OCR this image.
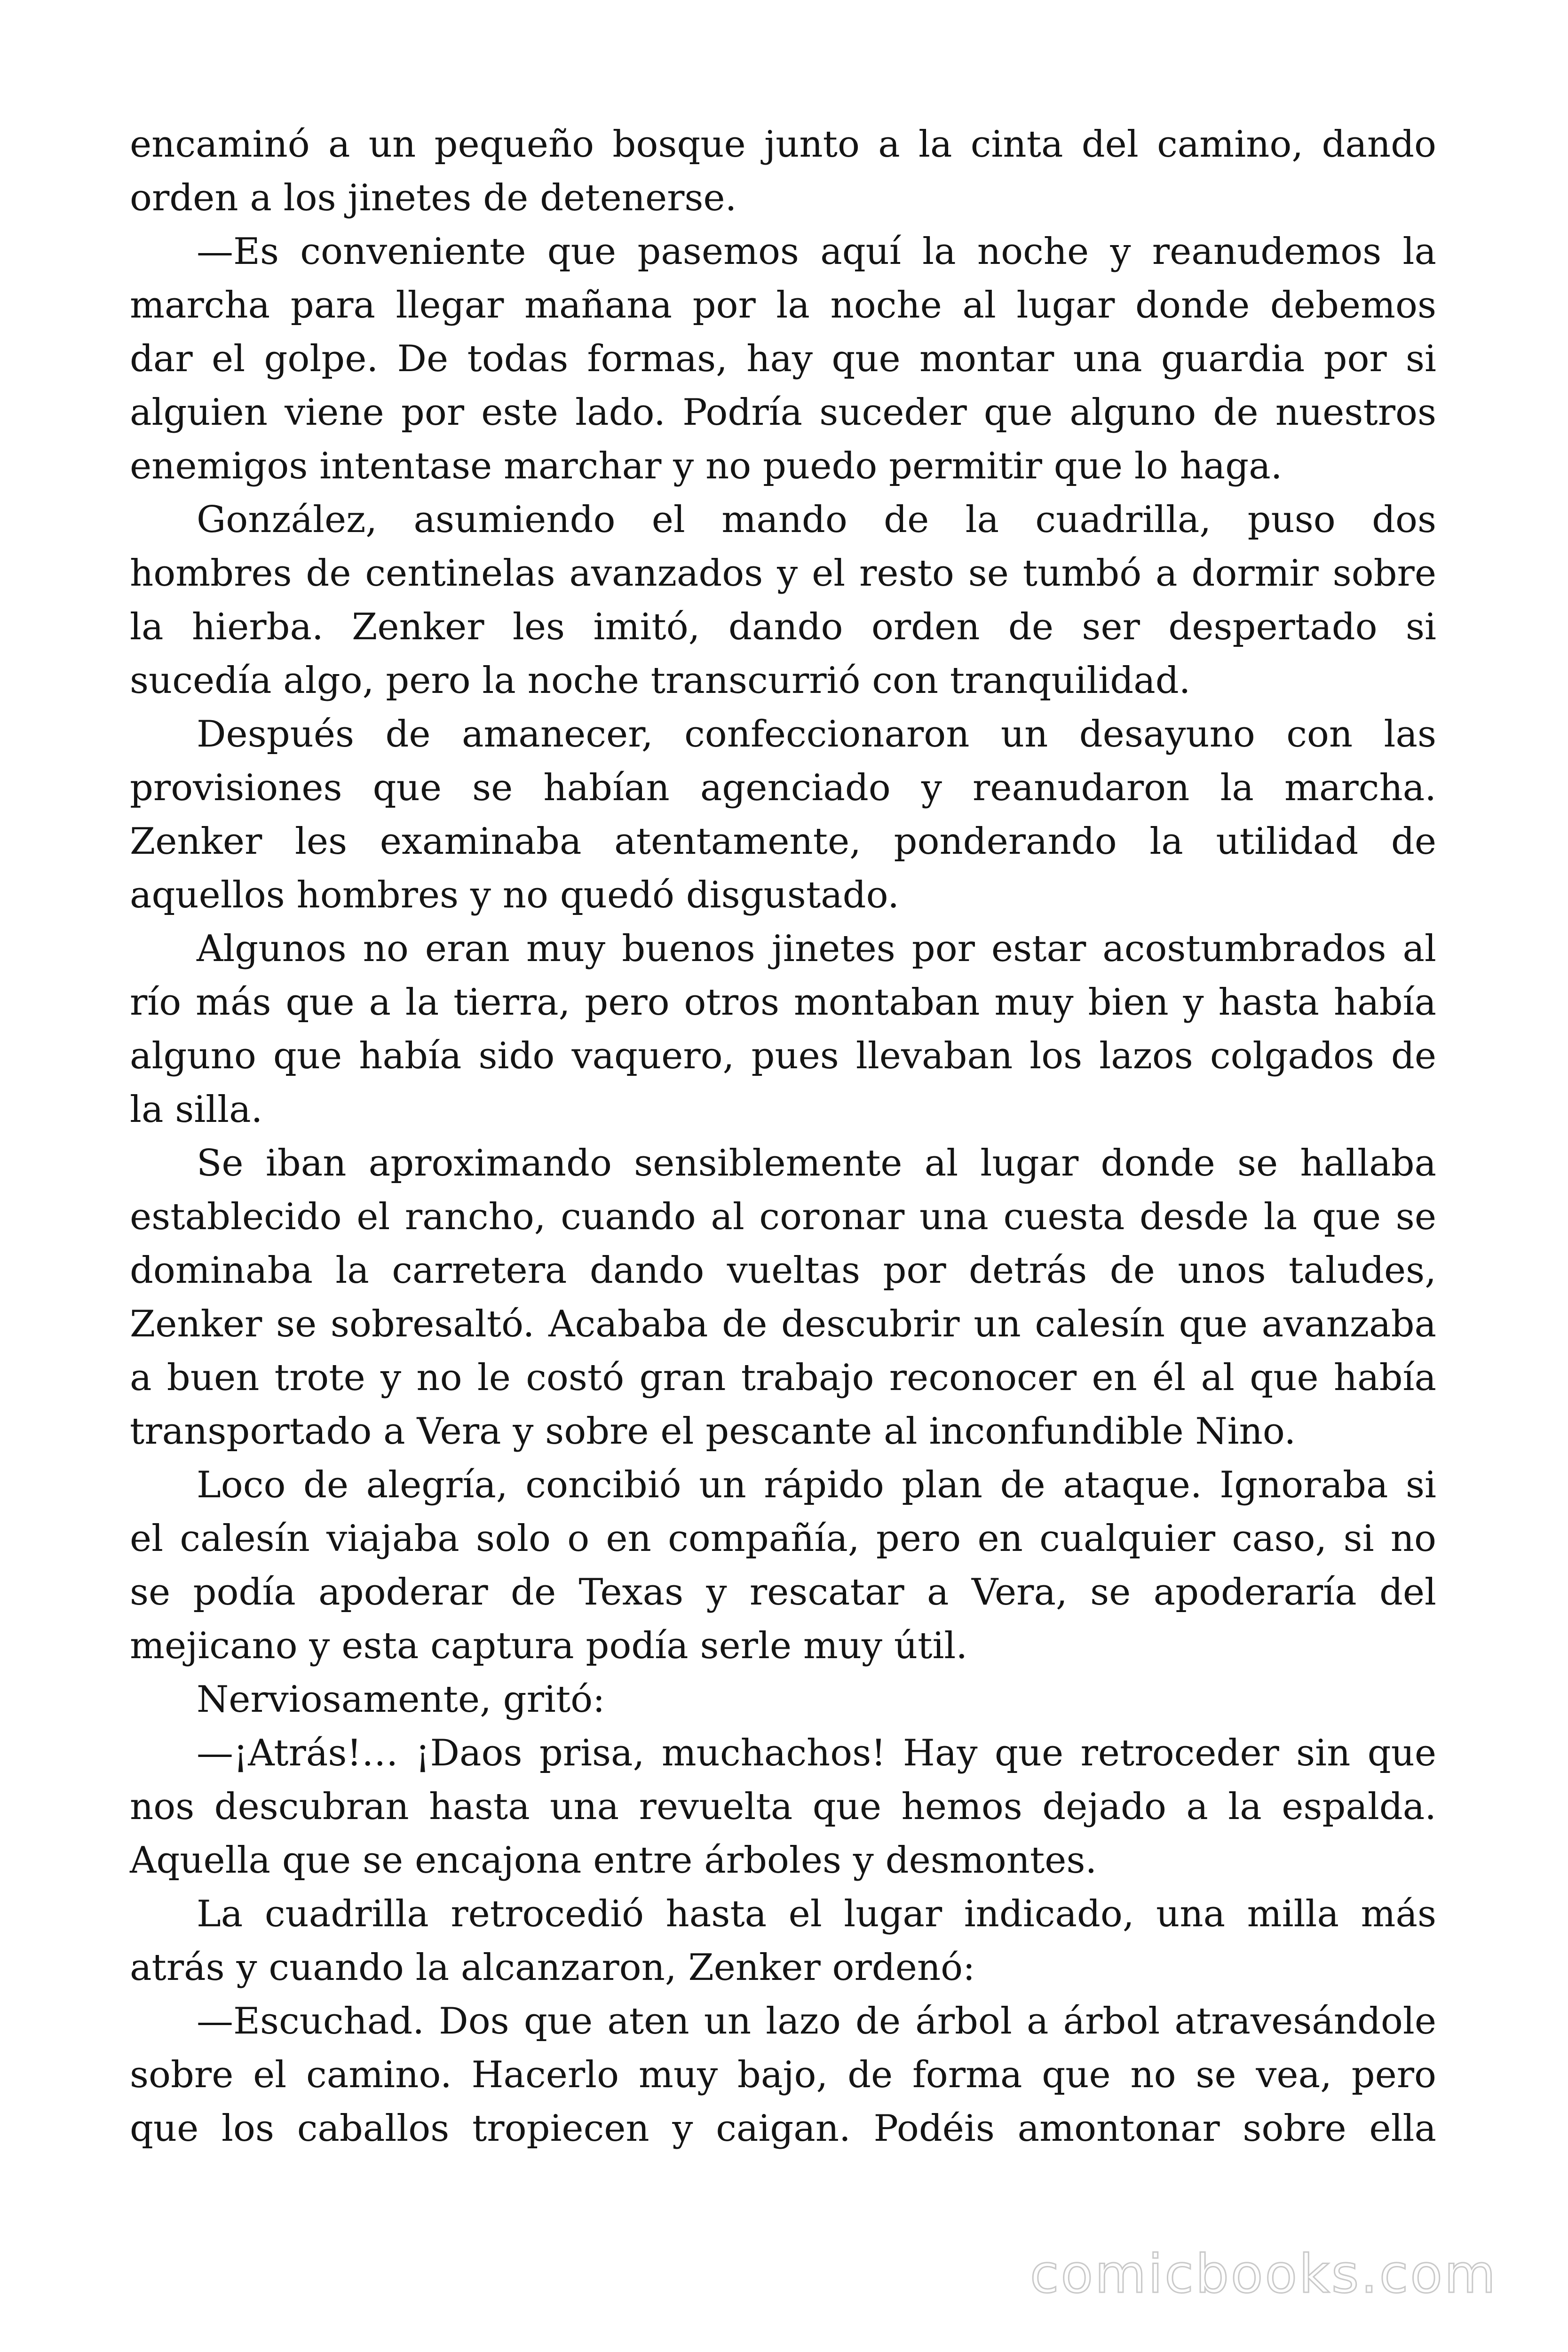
encaminó a un pequeño bosque junto a la cinta del camino, dando
orden a los jinetes de detenerse.
—Es conveniente que pasemos aquí la noche y reanudemos la
marcha para llegar mañana por la noche al lugar donde debemos
dar el golpe. De todas formas, hay que montar una guardia por si
alguien viene por este lado. Podría suceder que alguno de nuestros
enemigos intentase marchar y no puedo permitir que lo haga.
González, asumiendo el mando de la cuadrilla, puso dos
hombres de centinelas avanzados y el resto se tumbó a dormir sobre
la hierba. Zenker les imitó, dando orden de ser despertado si
sucedía algo, pero la noche transcurrió con tranquilidad.
Después de amanecer, confeccionaron un desayuno con las
provisiones que se habían agenciado y reanudaron la marcha.
Zenker les examinaba atentamente, ponderando la utilidad de
aquellos hombres y no quedó disgustado.
Algunos no eran muy buenos jinetes por estar acostumbrados al
río más que a la tierra, pero otros montaban muy bien y hasta había
alguno que había sido vaquero, pues llevaban los lazos colgados de
la silla.
Se iban aproximando sensiblemente al lugar donde se hallaba
establecido el rancho, cuando al coronar una cuesta desde la que se
dominaba la carretera dando vueltas por detrás de unos taludes,
Zenker se sobresaltó. Acababa de descubrir un calesín que avanzaba
a buen trote y no le costó gran trabajo reconocer en él al que había
transportado a Vera y sobre el pescante al inconfundible Nino.
Loco de alegría, concibió un rápido plan de ataque. Ignoraba si
el calesín viajaba solo o en compañía, pero en cualquier caso, si no
se podía apoderar de Texas y rescatar a Vera, se apoderaría del
mejicano y esta captura podía serle muy útil.
Nerviosamente, gritó:
—¡Atrás!… ¡Daos prisa, muchachos! Hay que retroceder sin que
nos descubran hasta una revuelta que hemos dejado a la espalda.
Aquella que se encajona entre árboles y desmontes.
La cuadrilla retrocedió hasta el lugar indicado, una milla más
atrás y cuando la alcanzaron, Zenker ordenó:
—Escuchad. Dos que aten un lazo de árbol a árbol atravesándole
sobre el camino. Hacerlo muy bajo, de forma que no se vea, pero
que los caballos tropiecen y caigan. Podéis amontonar sobre ella
comicbooks.com
